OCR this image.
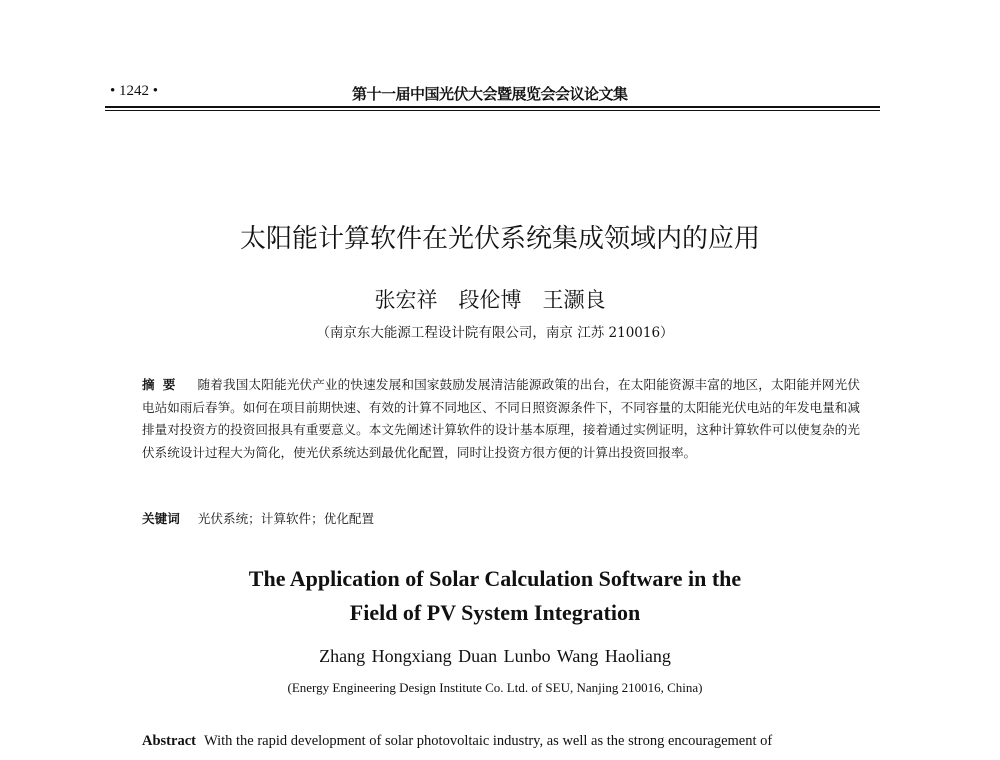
• 1242 •	第十一届中国光伏大会暨展览会会议论文集
太阳能计算软件在光伏系统集成领域内的应用
张宏祥　段伦博　王灏良
（南京东大能源工程设计院有限公司，南京 江苏 210016）
摘要 随着我国太阳能光伏产业的快速发展和国家鼓励发展清洁能源政策的出台，在太阳能资源丰富的地区，太阳能并网光伏电站如雨后春笋。如何在项目前期快速、有效的计算不同地区、不同日照资源条件下，不同容量的太阳能光伏电站的年发电量和减排量对投资方的投资回报具有重要意义。本文先阐述计算软件的设计基本原理，接着通过实例证明，这种计算软件可以使复杂的光伏系统设计过程大为简化，使光伏系统达到最优化配置，同时让投资方很方便的计算出投资回报率。
关键词 光伏系统；计算软件；优化配置
The Application of Solar Calculation Software in the
Field of PV System Integration
Zhang Hongxiang Duan Lunbo Wang Haoliang
(Energy Engineering Design Institute Co. Ltd. of SEU, Nanjing 210016, China)
Abstract With the rapid development of solar photovoltaic industry, as well as the strong encouragement of
